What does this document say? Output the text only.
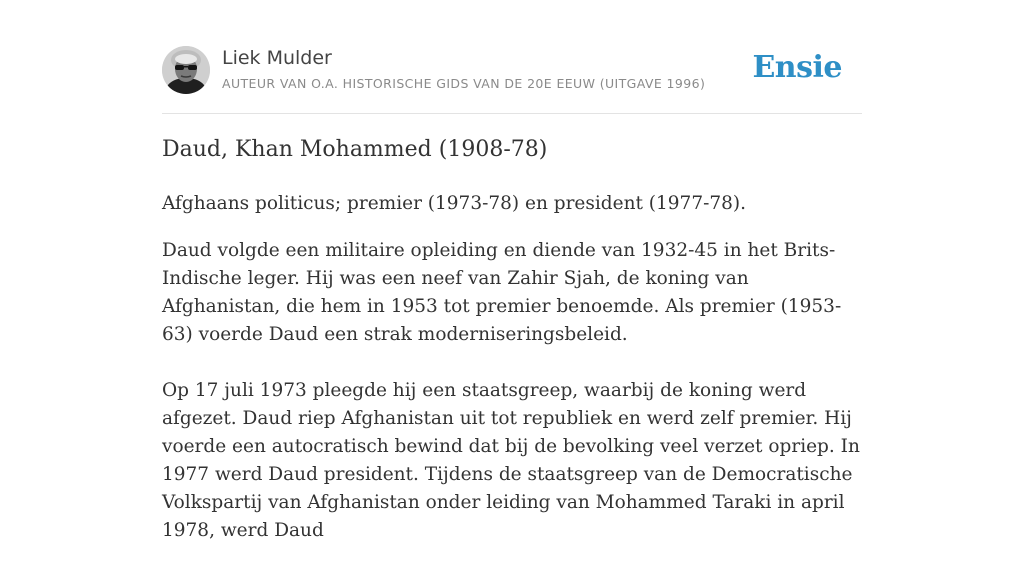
Liek Mulder
AUTEUR VAN O.A. HISTORISCHE GIDS VAN DE 20E EEUW (UITGAVE 1996) Ensie
Daud, Khan Mohammed (1908-78)

Afghaans politicus; premier (1973-78) en president (1977-78).

Daud volgde een militaire opleiding en diende van 1932-45 in het Brits-Indische leger. Hij was een neef van Zahir Sjah, de koning van Afghanistan, die hem in 1953 tot premier benoemde. Als premier (1953-63) voerde Daud een strak moderniseringsbeleid.

Op 17 juli 1973 pleegde hij een staatsgreep, waarbij de koning werd afgezet. Daud riep Afghanistan uit tot republiek en werd zelf premier. Hij voerde een autocratisch bewind dat bij de bevolking veel verzet opriep. In 1977 werd Daud president. Tijdens de staatsgreep van de Democratische Volkspartij van Afghanistan onder leiding van Mohammed Taraki in april 1978, werd Daud
